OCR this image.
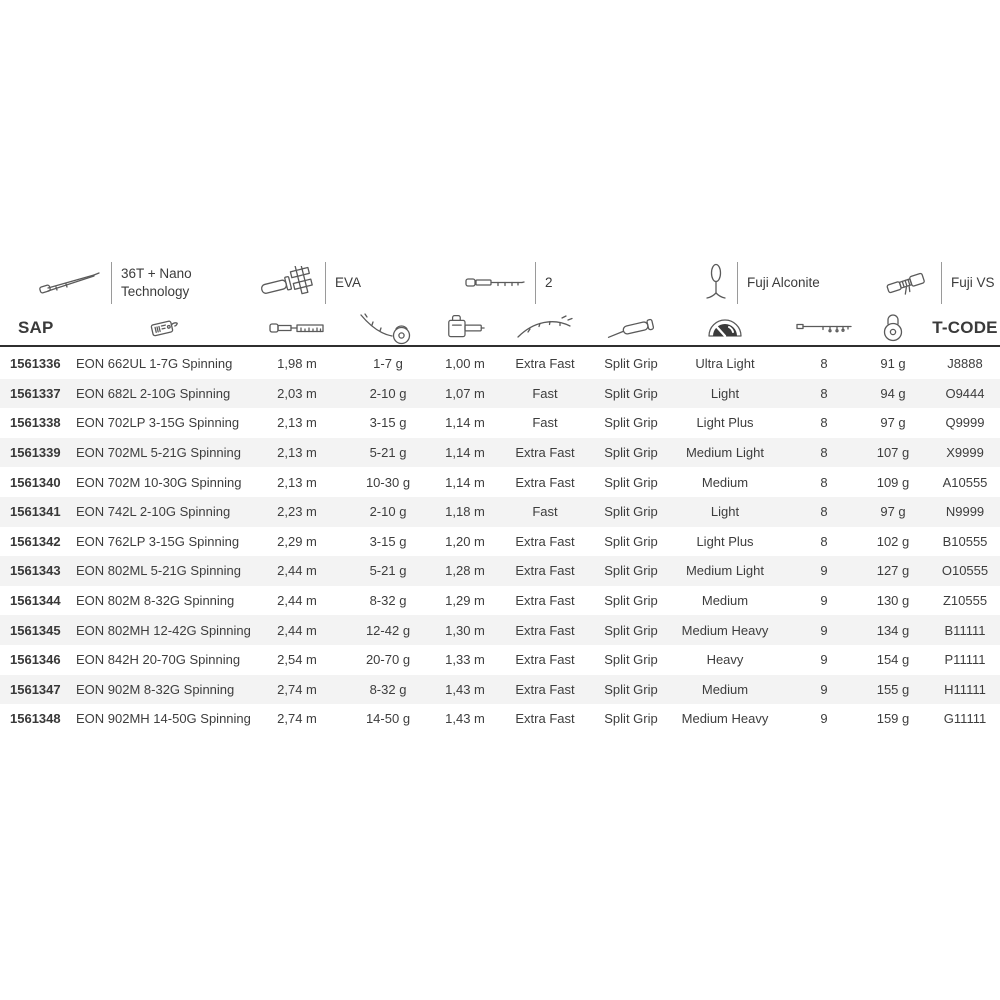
36T + Nano
Technology
EVA	2	Fuji Alconite	Fuji VS
SAP	T-CODE
1561336	EON 662UL 1-7G Spinning	1,98 m	1-7 g	1,00 m	Extra Fast	Split Grip	Ultra Light	8	91 g	J8888
1561337	EON 682L 2-10G Spinning	2,03 m	2-10 g	1,07 m	Fast	Split Grip	Light	8	94 g	O9444
1561338	EON 702LP 3-15G Spinning	2,13 m	3-15 g	1,14 m	Fast	Split Grip	Light Plus	8	97 g	Q9999
1561339	EON 702ML 5-21G Spinning	2,13 m	5-21 g	1,14 m	Extra Fast	Split Grip	Medium Light	8	107 g	X9999
1561340	EON 702M 10-30G Spinning	2,13 m	10-30 g	1,14 m	Extra Fast	Split Grip	Medium	8	109 g	A10555
1561341	EON 742L 2-10G Spinning	2,23 m	2-10 g	1,18 m	Fast	Split Grip	Light	8	97 g	N9999
1561342	EON 762LP 3-15G Spinning	2,29 m	3-15 g	1,20 m	Extra Fast	Split Grip	Light Plus	8	102 g	B10555
1561343	EON 802ML 5-21G Spinning	2,44 m	5-21 g	1,28 m	Extra Fast	Split Grip	Medium Light	9	127 g	O10555
1561344	EON 802M 8-32G Spinning	2,44 m	8-32 g	1,29 m	Extra Fast	Split Grip	Medium	9	130 g	Z10555
1561345	EON 802MH 12-42G Spinning	2,44 m	12-42 g	1,30 m	Extra Fast	Split Grip	Medium Heavy	9	134 g	B11111
1561346	EON 842H 20-70G Spinning	2,54 m	20-70 g	1,33 m	Extra Fast	Split Grip	Heavy	9	154 g	P11111
1561347	EON 902M 8-32G Spinning	2,74 m	8-32 g	1,43 m	Extra Fast	Split Grip	Medium	9	155 g	H11111
1561348	EON 902MH 14-50G Spinning	2,74 m	14-50 g	1,43 m	Extra Fast	Split Grip	Medium Heavy	9	159 g	G11111
